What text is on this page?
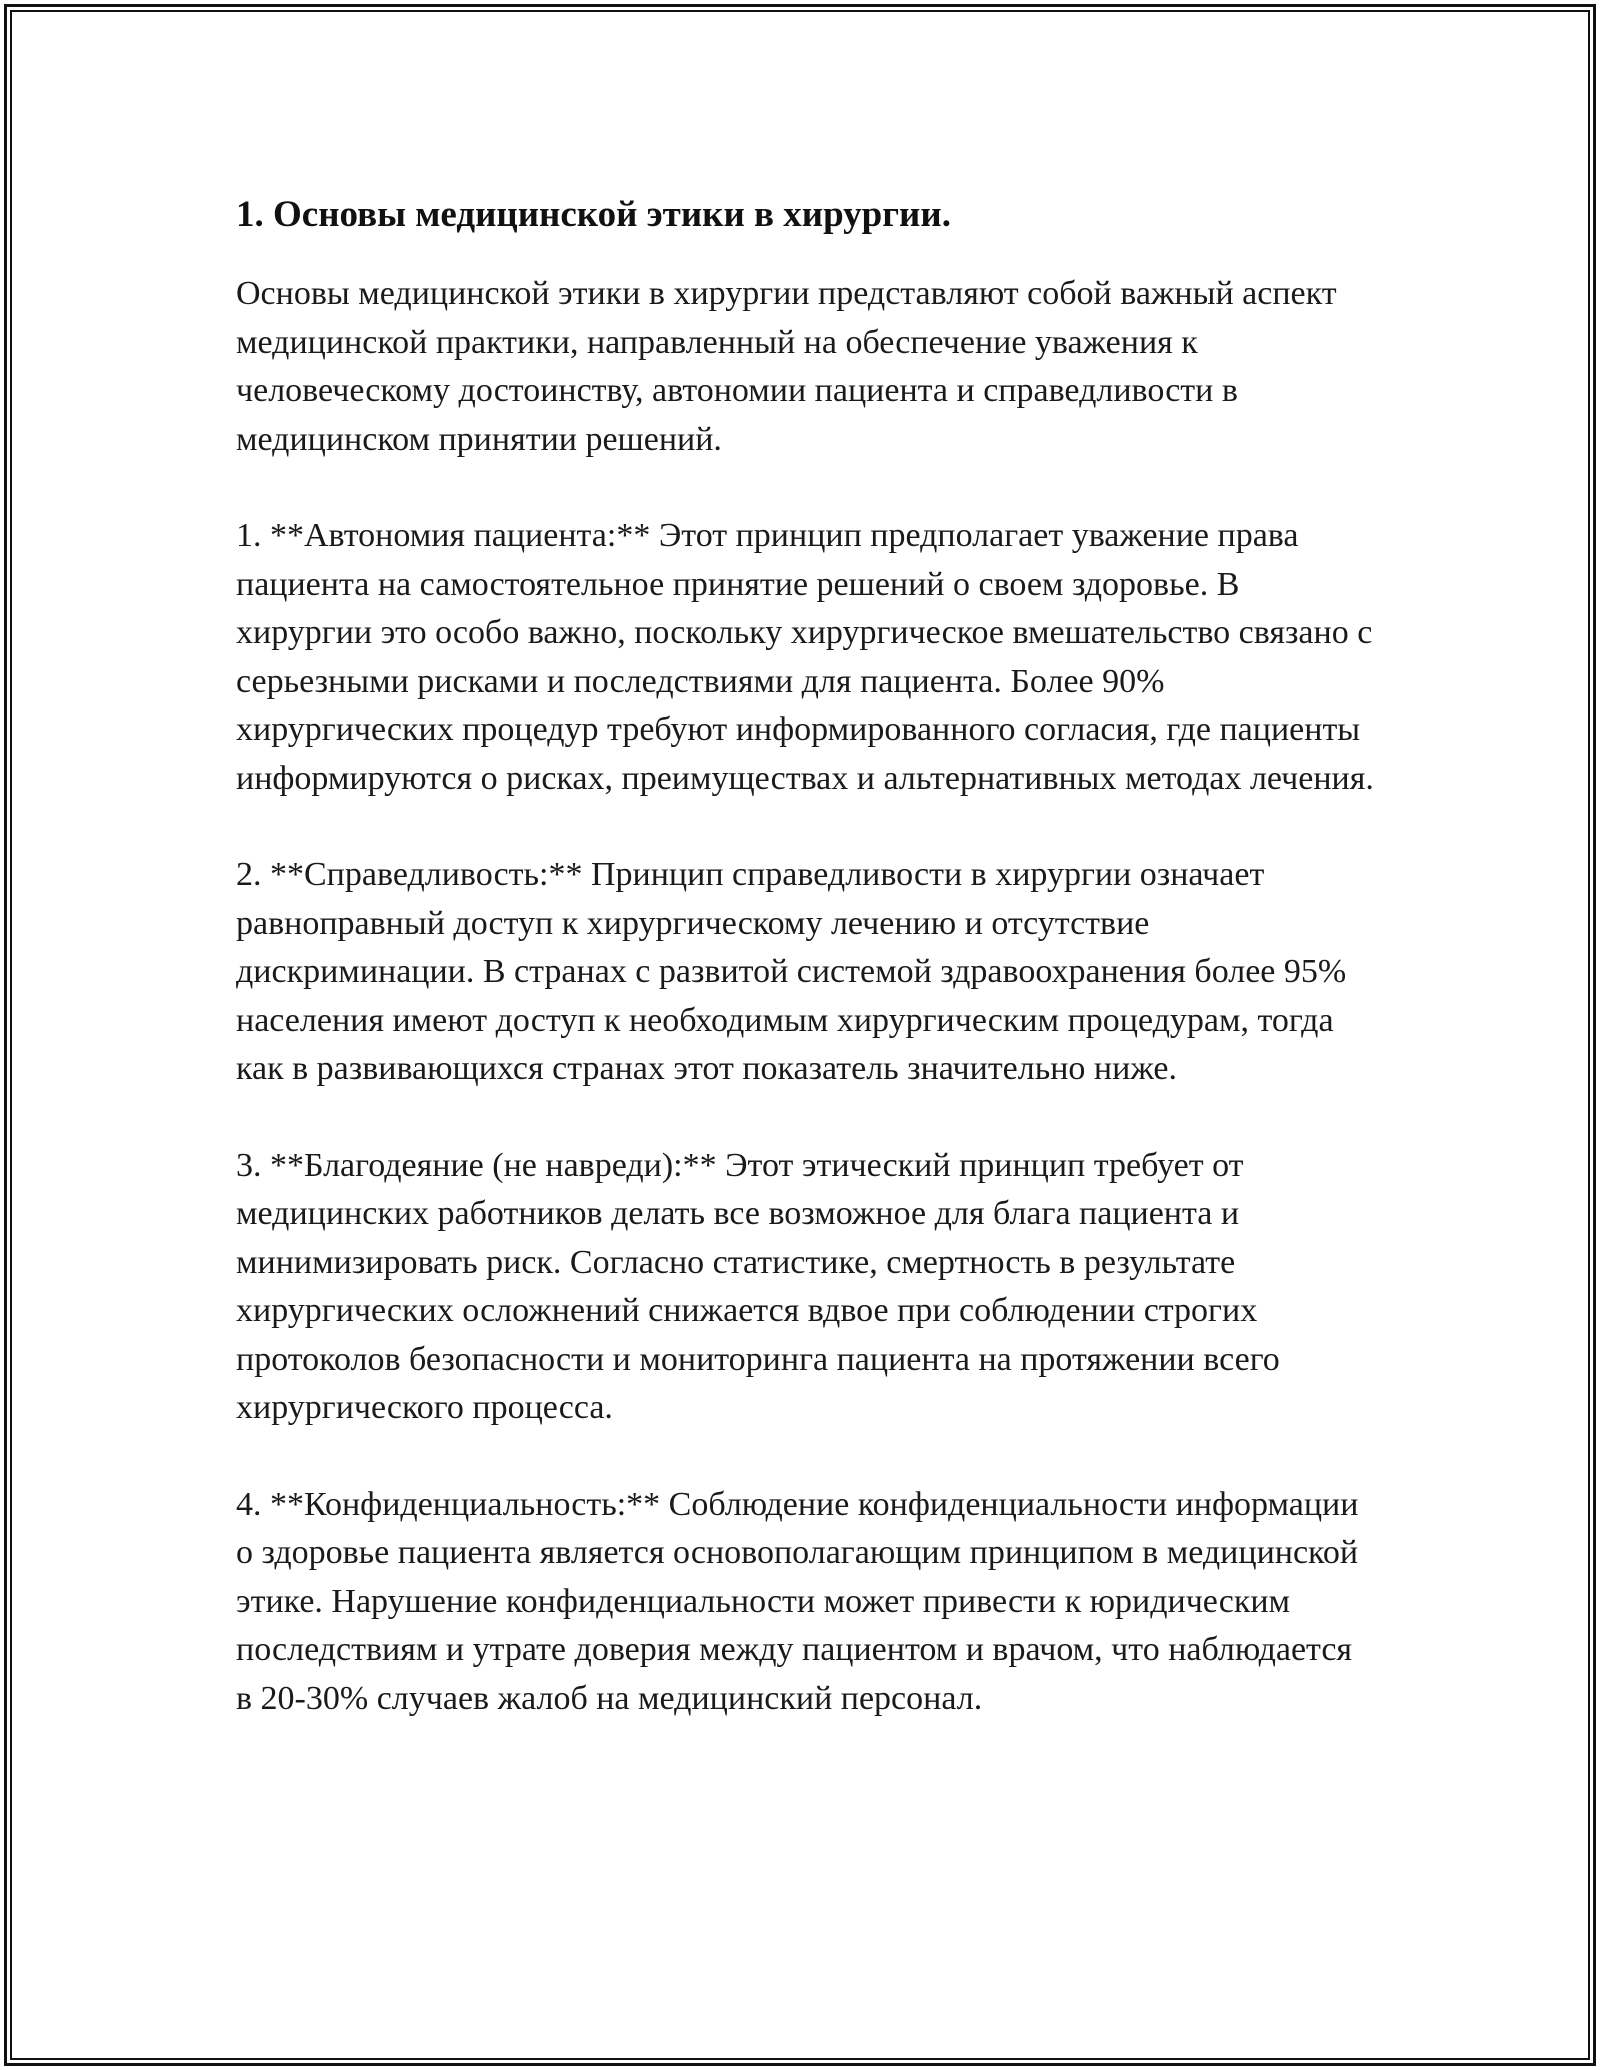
1. Основы медицинской этики в хирургии.

Основы медицинской этики в хирургии представляют собой важный аспект медицинской практики, направленный на обеспечение уважения к человеческому достоинству, автономии пациента и справедливости в медицинском принятии решений.

1. **Автономия пациента:** Этот принцип предполагает уважение права пациента на самостоятельное принятие решений о своем здоровье. В хирургии это особо важно, поскольку хирургическое вмешательство связано с серьезными рисками и последствиями для пациента. Более 90% хирургических процедур требуют информированного согласия, где пациенты информируются о рисках, преимуществах и альтернативных методах лечения.

2. **Справедливость:** Принцип справедливости в хирургии означает равноправный доступ к хирургическому лечению и отсутствие дискриминации. В странах с развитой системой здравоохранения более 95% населения имеют доступ к необходимым хирургическим процедурам, тогда как в развивающихся странах этот показатель значительно ниже.

3. **Благодеяние (не навреди):** Этот этический принцип требует от медицинских работников делать все возможное для блага пациента и минимизировать риск. Согласно статистике, смертность в результате хирургических осложнений снижается вдвое при соблюдении строгих протоколов безопасности и мониторинга пациента на протяжении всего хирургического процесса.

4. **Конфиденциальность:** Соблюдение конфиденциальности информации о здоровье пациента является основополагающим принципом в медицинской этике. Нарушение конфиденциальности может привести к юридическим последствиям и утрате доверия между пациентом и врачом, что наблюдается в 20-30% случаев жалоб на медицинский персонал.
